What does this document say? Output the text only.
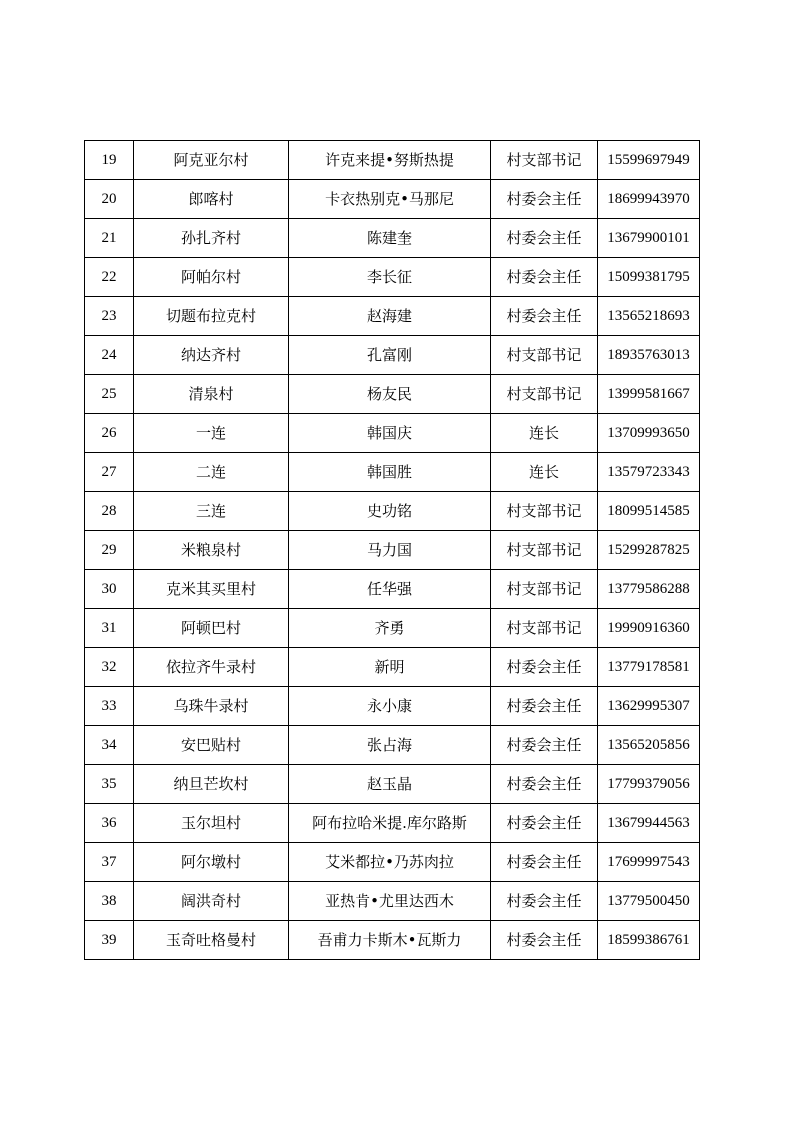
19	阿克亚尔村	许克来提•努斯热提	村支部书记	15599697949
20	郎喀村	卡衣热别克•马那尼	村委会主任	18699943970
21	孙扎齐村	陈建奎	村委会主任	13679900101
22	阿帕尔村	李长征	村委会主任	15099381795
23	切题布拉克村	赵海建	村委会主任	13565218693
24	纳达齐村	孔富刚	村支部书记	18935763013
25	清泉村	杨友民	村支部书记	13999581667
26	一连	韩国庆	连长	13709993650
27	二连	韩国胜	连长	13579723343
28	三连	史功铭	村支部书记	18099514585
29	米粮泉村	马力国	村支部书记	15299287825
30	克米其买里村	任华强	村支部书记	13779586288
31	阿顿巴村	齐勇	村支部书记	19990916360
32	依拉齐牛录村	新明	村委会主任	13779178581
33	乌珠牛录村	永小康	村委会主任	13629995307
34	安巴贴村	张占海	村委会主任	13565205856
35	纳旦芒坎村	赵玉晶	村委会主任	17799379056
36	玉尔坦村	阿布拉哈米提.库尔路斯	村委会主任	13679944563
37	阿尔墩村	艾米都拉•乃苏肉拉	村委会主任	17699997543
38	阔洪奇村	亚热肯•尤里达西木	村委会主任	13779500450
39	玉奇吐格曼村	吾甫力卡斯木•瓦斯力	村委会主任	18599386761
